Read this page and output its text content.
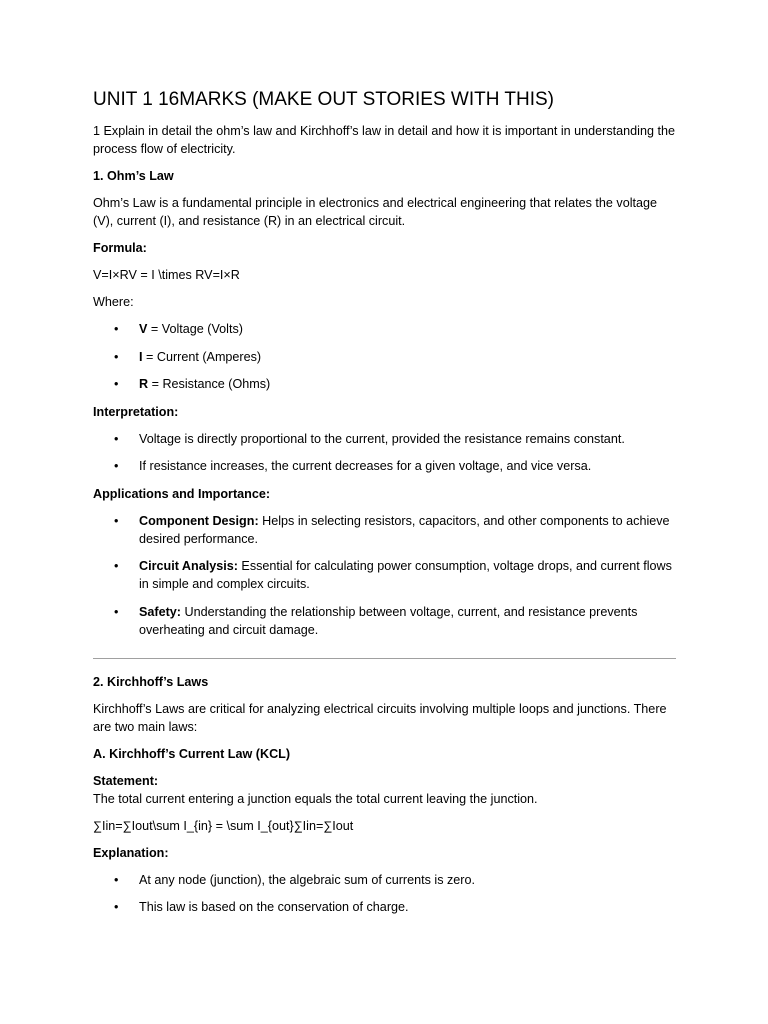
UNIT 1 16MARKS (MAKE OUT STORIES WITH THIS)

1 Explain in detail the ohm’s law and Kirchhoff’s law in detail and how it is important in understanding the process flow of electricity.

1. Ohm’s Law

Ohm’s Law is a fundamental principle in electronics and electrical engineering that relates the voltage (V), current (I), and resistance (R) in an electrical circuit.

Formula:

V=I×RV = I \times RV=I×R

Where:

• V = Voltage (Volts)
• I = Current (Amperes)
• R = Resistance (Ohms)

Interpretation:

• Voltage is directly proportional to the current, provided the resistance remains constant.
• If resistance increases, the current decreases for a given voltage, and vice versa.

Applications and Importance:

• Component Design: Helps in selecting resistors, capacitors, and other components to achieve desired performance.
• Circuit Analysis: Essential for calculating power consumption, voltage drops, and current flows in simple and complex circuits.
• Safety: Understanding the relationship between voltage, current, and resistance prevents overheating and circuit damage.

2. Kirchhoff’s Laws

Kirchhoff’s Laws are critical for analyzing electrical circuits involving multiple loops and junctions. There are two main laws:

A. Kirchhoff’s Current Law (KCL)

Statement:

The total current entering a junction equals the total current leaving the junction.

∑Iin=∑Iout\sum I_{in} = \sum I_{out}∑Iin=∑Iout

Explanation:

• At any node (junction), the algebraic sum of currents is zero.
• This law is based on the conservation of charge.
